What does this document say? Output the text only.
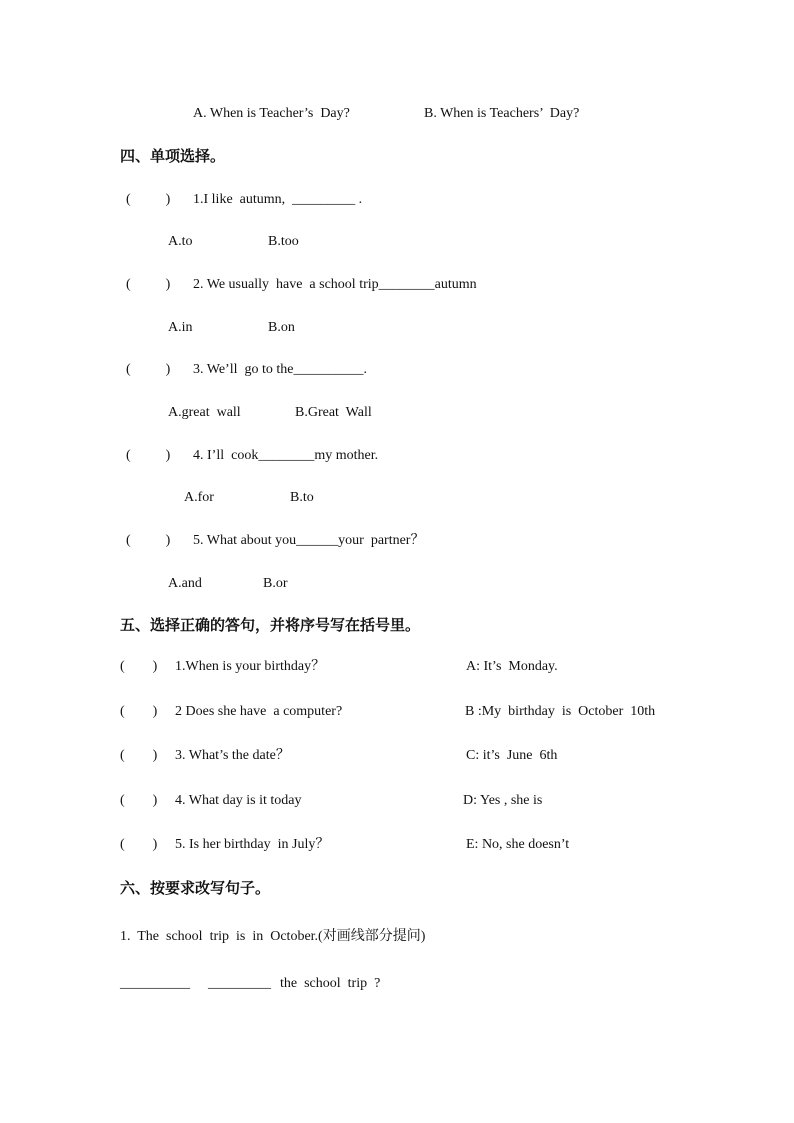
A. When is Teacher’s  Day?	B. When is Teachers’  Day?
四、单项选择。
(          ) 1.I like  autumn,  _________ .
A.to	B.too
(          ) 2. We usually  have  a school trip________autumn
A.in	B.on
(          ) 3. We’ll  go to the__________.
A.great  wall	B.Great  Wall
(          ) 4. I’ll  cook________my mother.
A.for	B.to
(          ) 5. What about you______your  partner？
A.and	B.or
五、选择正确的答句，并将序号写在括号里。
(        ) 1.When is your birthday？	A: It’s  Monday.
(        ) 2 Does she have  a computer?	B :My  birthday  is  October  10th
(        ) 3. What’s the date？	C: it’s  June  6th
(        ) 4. What day is it today	D: Yes , she is
(        ) 5. Is her birthday  in July？	E: No, she doesn’t
六、按要求改写句子。
1.  The  school  trip  is  in  October.(对画线部分提问)
__________ _________ the  school  trip  ?
